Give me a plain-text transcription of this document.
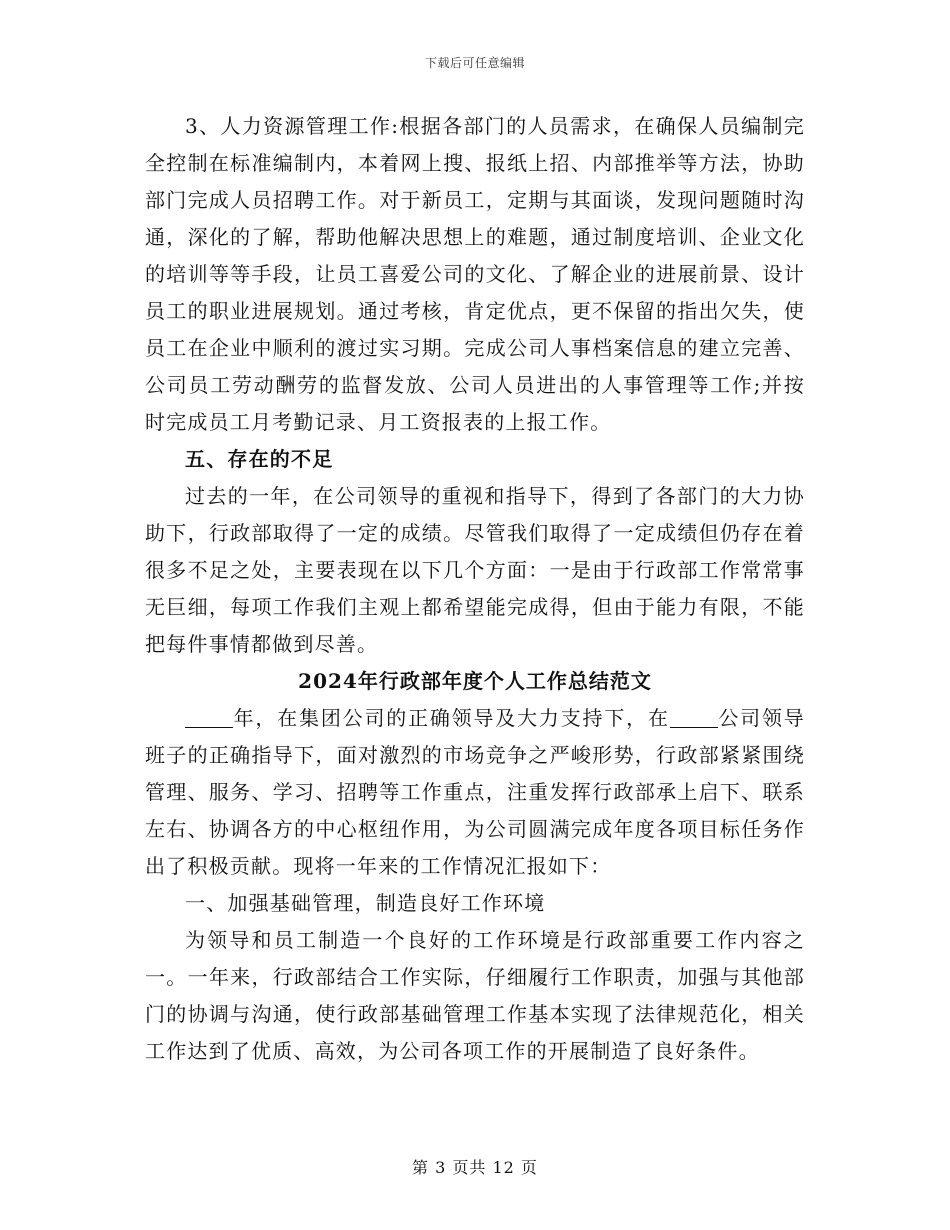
下载后可任意编辑

3、人力资源管理工作:根据各部门的人员需求，在确保人员编制完全控制在标准编制内，本着网上搜、报纸上招、内部推举等方法，协助部门完成人员招聘工作。对于新员工，定期与其面谈，发现问题随时沟通，深化的了解，帮助他解决思想上的难题，通过制度培训、企业文化的培训等等手段，让员工喜爱公司的文化、了解企业的进展前景、设计员工的职业进展规划。通过考核，肯定优点，更不保留的指出欠失，使员工在企业中顺利的渡过实习期。完成公司人事档案信息的建立完善、公司员工劳动酬劳的监督发放、公司人员进出的人事管理等工作;并按时完成员工月考勤记录、月工资报表的上报工作。

五、存在的不足

过去的一年，在公司领导的重视和指导下，得到了各部门的大力协助下，行政部取得了一定的成绩。尽管我们取得了一定成绩但仍存在着很多不足之处，主要表现在以下几个方面：一是由于行政部工作常常事无巨细，每项工作我们主观上都希望能完成得，但由于能力有限，不能把每件事情都做到尽善。

2024年行政部年度个人工作总结范文

年，在集团公司的正确领导及大力支持下，在 公司领导班子的正确指导下，面对激烈的市场竞争之严峻形势，行政部紧紧围绕管理、服务、学习、招聘等工作重点，注重发挥行政部承上启下、联系左右、协调各方的中心枢纽作用，为公司圆满完成年度各项目标任务作出了积极贡献。现将一年来的工作情况汇报如下：

一、加强基础管理，制造良好工作环境

为领导和员工制造一个良好的工作环境是行政部重要工作内容之一。一年来，行政部结合工作实际，仔细履行工作职责，加强与其他部门的协调与沟通，使行政部基础管理工作基本实现了法律规范化，相关工作达到了优质、高效，为公司各项工作的开展制造了良好条件。

第 3 页共 12 页
